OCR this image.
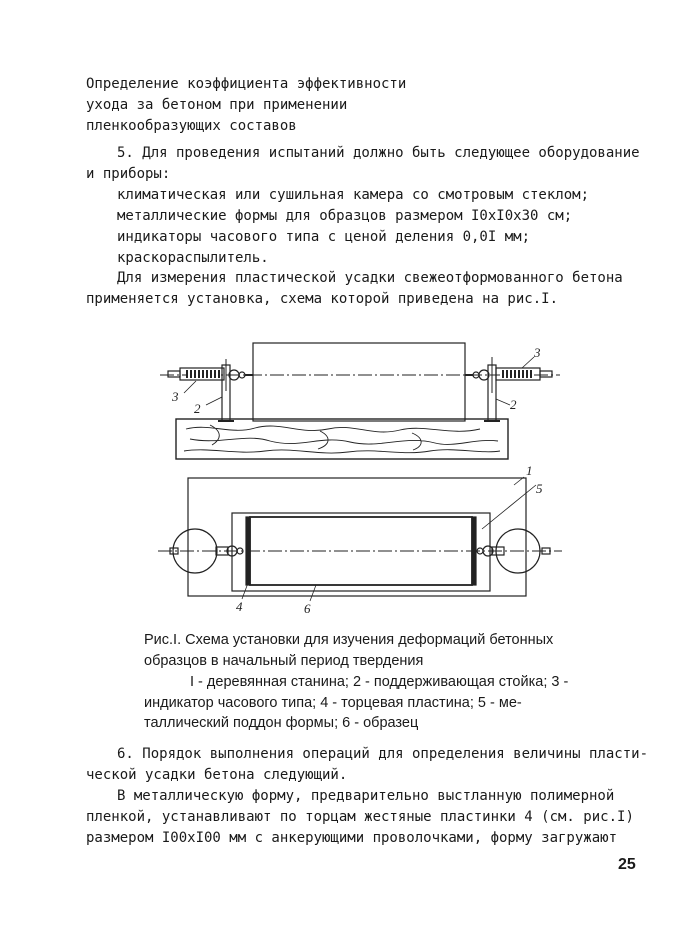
Определение коэффициента эффективности
ухода за бетоном при применении
пленкообразующих составов
5. Для проведения испытаний должно быть следующее оборудование
и приборы:
климатическая или сушильная камера со смотровым стеклом;
металлические формы для образцов размером I0xI0x30 см;
индикаторы часового типа с ценой деления 0,0I мм;
краскораспылитель.
Для измерения пластической усадки свежеотформованного бетона
применяется установка, схема которой приведена на рис.I.
3
2
3
2
1
5
4	6
Рис.I. Схема установки для изучения деформаций бетонных
образцов в начальный период твердения
I - деревянная станина; 2 - поддерживающая стойка; 3 -
индикатор часового типа; 4 - торцевая пластина; 5 - ме-
таллический поддон формы; 6 - образец
6. Порядок выполнения операций для определения величины пласти-
ческой усадки бетона следующий.
В металлическую форму, предварительно выстланную полимерной
пленкой, устанавливают по торцам жестяные пластинки 4 (см. рис.I)
размером I00xI00 мм с анкерующими проволочками, форму загружают
25
